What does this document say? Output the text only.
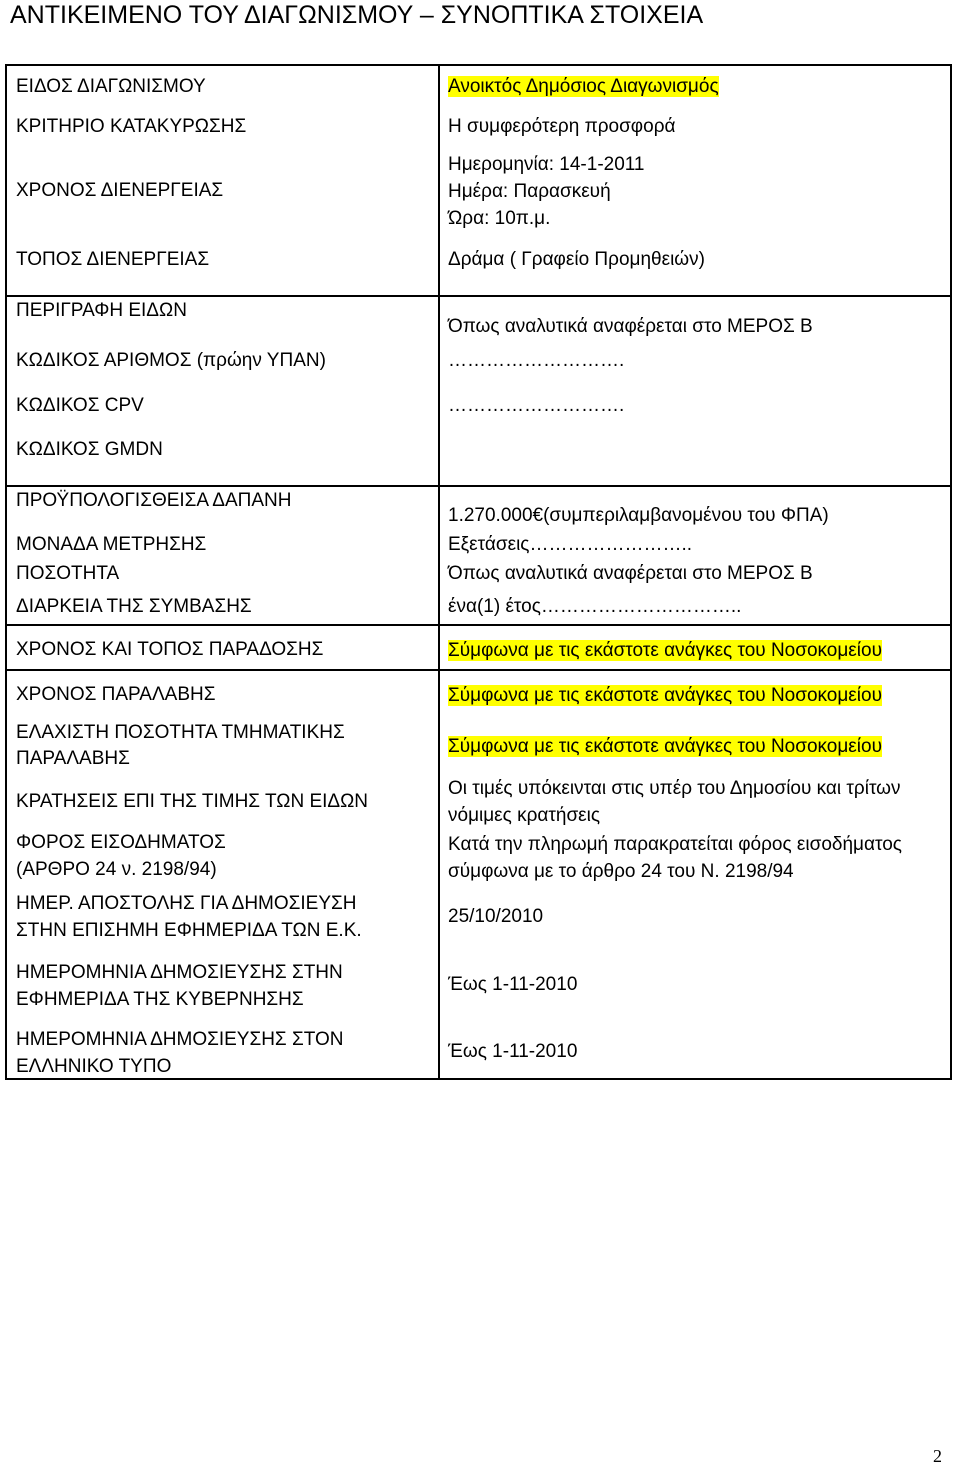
ΑΝΤΙΚΕΙΜΕΝΟ ΤΟΥ ΔΙΑΓΩΝΙΣΜΟΥ – ΣΥΝΟΠΤΙΚΑ ΣΤΟΙΧΕΙΑ
ΕΙΔΟΣ ΔΙΑΓΩΝΙΣΜΟΥ
ΚΡΙΤΗΡΙΟ ΚΑΤΑΚΥΡΩΣΗΣ
ΧΡΟΝΟΣ ΔΙΕΝΕΡΓΕΙΑΣ
ΤΟΠΟΣ ΔΙΕΝΕΡΓΕΙΑΣ
ΠΕΡΙΓΡΑΦΗ ΕΙΔΩΝ
ΚΩΔΙΚΟΣ ΑΡΙΘΜΟΣ (πρώην ΥΠΑΝ)
ΚΩΔΙΚΟΣ CPV
ΚΩΔΙΚΟΣ GMDN
ΠΡΟΫΠΟΛΟΓΙΣΘΕΙΣΑ ΔΑΠΑΝΗ
ΜΟΝΑΔΑ ΜΕΤΡΗΣΗΣ
ΠΟΣΟΤΗΤΑ
ΔΙΑΡΚΕΙΑ ΤΗΣ ΣΥΜΒΑΣΗΣ
ΧΡΟΝΟΣ ΚΑΙ ΤΟΠΟΣ ΠΑΡΑΔΟΣΗΣ
ΧΡΟΝΟΣ ΠΑΡΑΛΑΒΗΣ
ΕΛΑΧΙΣΤΗ ΠΟΣΟΤΗΤΑ ΤΜΗΜΑΤΙΚΗΣ
ΠΑΡΑΛΑΒΗΣ
ΚΡΑΤΗΣΕΙΣ ΕΠΙ ΤΗΣ ΤΙΜΗΣ ΤΩΝ ΕΙΔΩΝ
ΦΟΡΟΣ ΕΙΣΟΔΗΜΑΤΟΣ
(ΑΡΘΡΟ 24 ν. 2198/94)
ΗΜΕΡ. ΑΠΟΣΤΟΛΗΣ ΓΙΑ ΔΗΜΟΣΙΕΥΣΗ
ΣΤΗΝ ΕΠΙΣΗΜΗ ΕΦΗΜΕΡΙΔΑ ΤΩΝ Ε.Κ.
ΗΜΕΡΟΜΗΝΙΑ ΔΗΜΟΣΙΕΥΣΗΣ ΣΤΗΝ
ΕΦΗΜΕΡΙΔΑ ΤΗΣ ΚΥΒΕΡΝΗΣΗΣ
ΗΜΕΡΟΜΗΝΙΑ ΔΗΜΟΣΙΕΥΣΗΣ ΣΤΟΝ
ΕΛΛΗΝΙΚΟ ΤΥΠΟ
Ανοικτός Δημόσιος Διαγωνισμός
Η συμφερότερη προσφορά
Ημερομηνία: 14-1-2011
Ημέρα: Παρασκευή
Ώρα: 10π.μ.
Δράμα ( Γραφείο Προμηθειών)
Όπως αναλυτικά αναφέρεται στο ΜΕΡΟΣ Β
……………………….
……………………….
1.270.000€(συμπεριλαμβανομένου του ΦΠΑ)
Εξετάσεις……………………..
Όπως αναλυτικά αναφέρεται στο ΜΕΡΟΣ Β
ένα(1) έτος…………………………..
Σύμφωνα με τις εκάστοτε ανάγκες του Νοσοκομείου
Σύμφωνα με τις εκάστοτε ανάγκες του Νοσοκομείου
Σύμφωνα με τις εκάστοτε ανάγκες του Νοσοκομείου
Οι τιμές υπόκεινται στις υπέρ του Δημοσίου και τρίτων
νόμιμες κρατήσεις
Κατά την πληρωμή παρακρατείται φόρος εισοδήματος
σύμφωνα με το άρθρο 24 του Ν. 2198/94
25/10/2010
Έως 1-11-2010
Έως 1-11-2010
2
